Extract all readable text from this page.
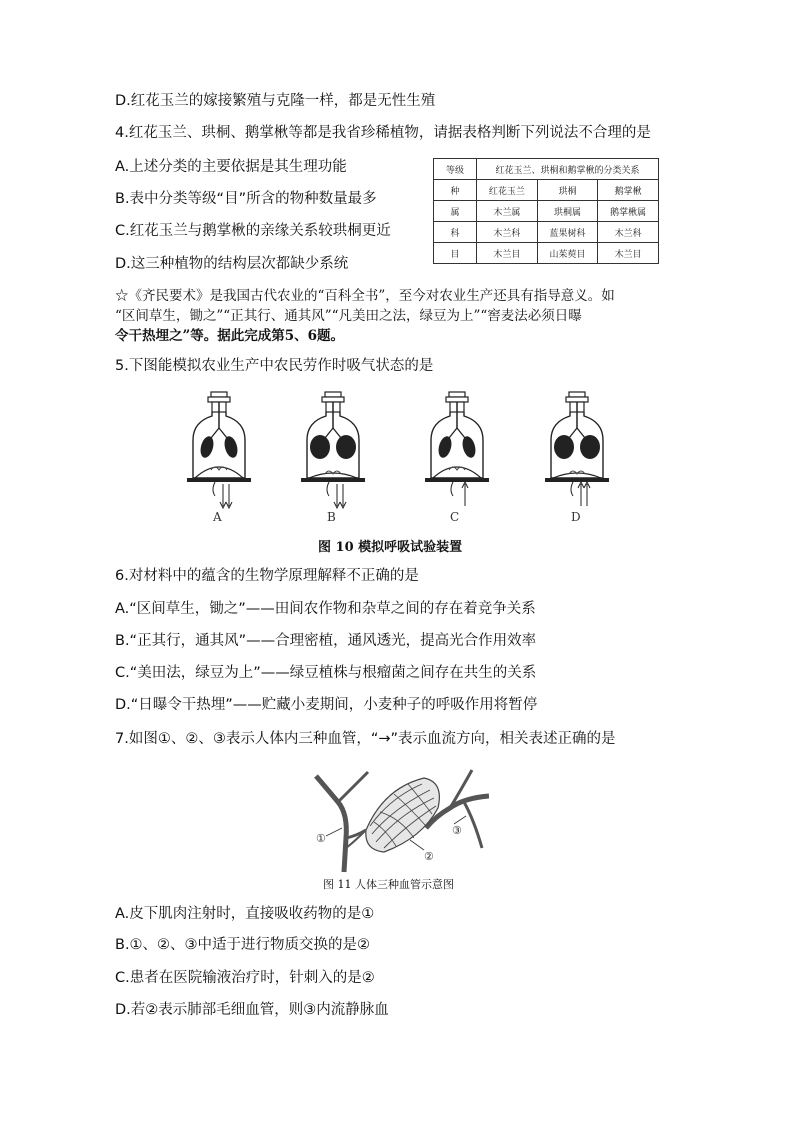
D.红花玉兰的嫁接繁殖与克隆一样，都是无性生殖
4.红花玉兰、珙桐、鹅掌楸等都是我省珍稀植物，请据表格判断下列说法不合理的是
A.上述分类的主要依据是其生理功能
B.表中分类等级“目”所含的物种数量最多
C.红花玉兰与鹅掌楸的亲缘关系较珙桐更近
D.这三种植物的结构层次都缺少系统
等级	红花玉兰、珙桐和鹅掌楸的分类关系		
种	红花玉兰	珙桐	鹅掌楸
属	木兰属	珙桐属	鹅掌楸属
科	木兰科	蓝果树科	木兰科
目	木兰目	山茱萸目	木兰目
☆《齐民要术》是我国古代农业的“百科全书”，至今对农业生产还具有指导意义。如
“区间草生，锄之”“正其行、通其风”“凡美田之法，绿豆为上”“窖麦法必须日曝
令干热埋之”等。据此完成第5、6题。
5.下图能模拟农业生产中农民劳作时吸气状态的是
A	B	C	D
图 10 模拟呼吸试验装置
6.对材料中的蕴含的生物学原理解释不正确的是
A.“区间草生，锄之”——田间农作物和杂草之间的存在着竞争关系
B.“正其行，通其风”——合理密植，通风透光，提高光合作用效率
C.“美田法，绿豆为上”——绿豆植株与根瘤菌之间存在共生的关系
D.“日曝令干热埋”——贮藏小麦期间，小麦种子的呼吸作用将暂停
7.如图①、②、③表示人体内三种血管，“→”表示血流方向，相关表述正确的是
①
②
③
图 11 人体三种血管示意图
A.皮下肌肉注射时，直接吸收药物的是①
B.①、②、③中适于进行物质交换的是②
C.患者在医院输液治疗时，针刺入的是②
D.若②表示肺部毛细血管，则③内流静脉血
